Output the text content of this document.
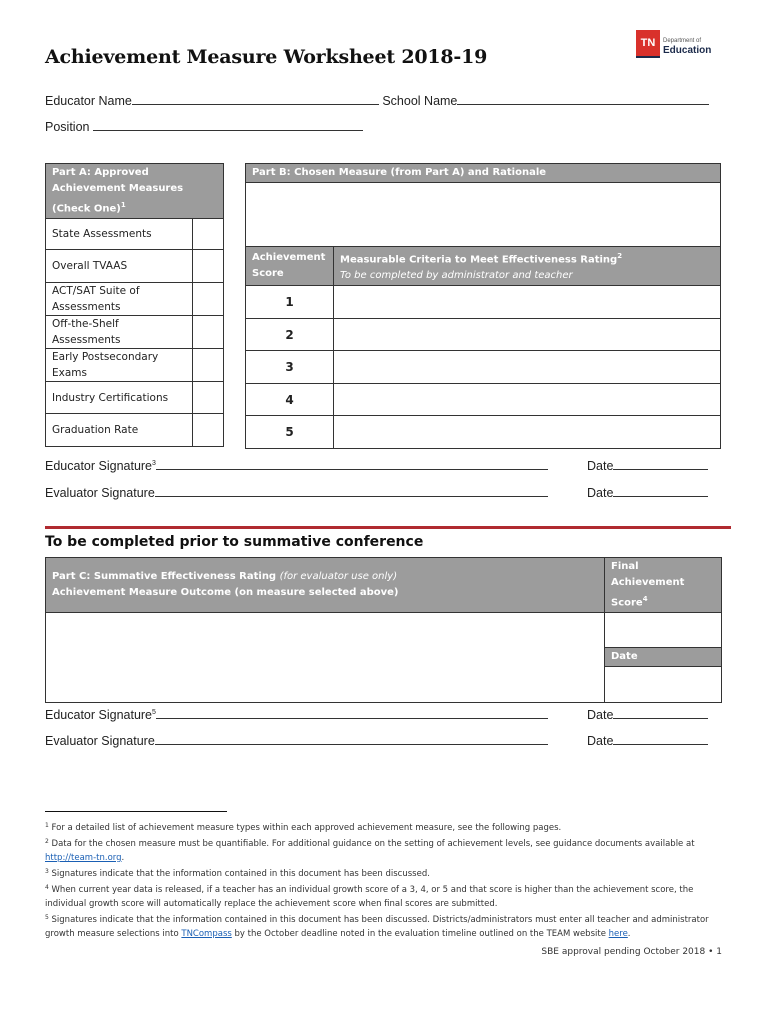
Achievement Measure Worksheet 2018-19
TN	Department of
Education
Educator Name	School Name
Position
Part A: Approved Achievement Measures (Check One)$^1$
State Assessments	
Overall TVAAS	
ACT/SAT Suite of Assessments	
Off-the-Shelf Assessments	
Early Postsecondary Exams	
Industry Certifications	
Graduation Rate	
Part B: Chosen Measure (from Part A) and Rationale	

Achievement Score	Measurable Criteria to Meet Effectiveness Rating$^2$
To be completed by administrator and teacher
1	
2	
3	
4	
5	
Educator Signature$^3$	Date
Evaluator Signature	Date
To be completed prior to summative conference
Part C: Summative Effectiveness Rating (for evaluator use only)
Achievement Measure Outcome (on measure selected above)	Final Achievement Score$^4$

	Date

Educator Signature$^5$	Date
Evaluator Signature	Date
$^1$ For a detailed list of achievement measure types within each approved achievement measure, see the following pages.
$^2$ Data for the chosen measure must be quantifiable. For additional guidance on the setting of achievement levels, see guidance documents available at http://team-tn.org.
$^3$ Signatures indicate that the information contained in this document has been discussed.
$^4$ When current year data is released, if a teacher has an individual growth score of a 3, 4, or 5 and that score is higher than the achievement score, the individual growth score will automatically replace the achievement score when final scores are submitted.
$^5$ Signatures indicate that the information contained in this document has been discussed. Districts/administrators must enter all teacher and administrator growth measure selections into TNCompass by the October deadline noted in the evaluation timeline outlined on the TEAM website here.
SBE approval pending October 2018 • 1
